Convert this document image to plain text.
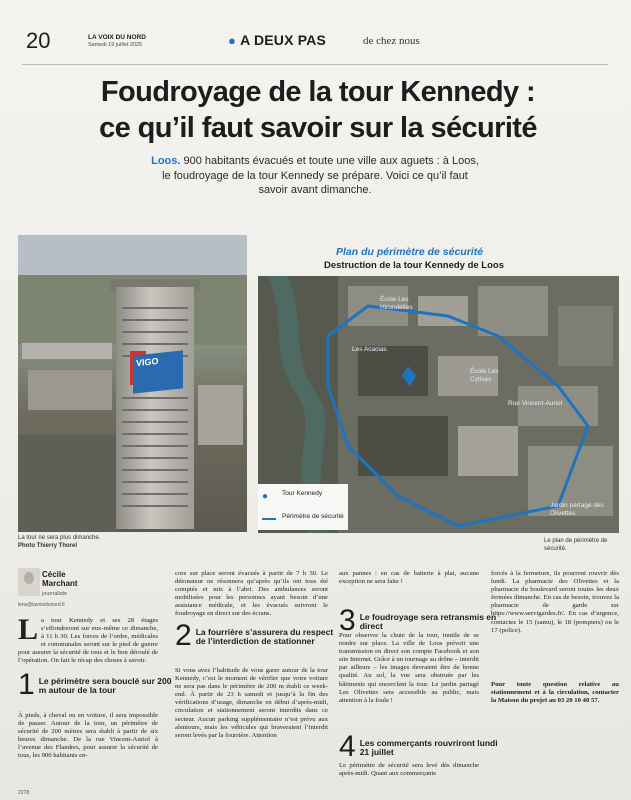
20	LA VOIX DU NORD
Samedi 19 juillet 2025	● A DEUX PAS	de chez nous
Foudroyage de la tour Kennedy :
ce qu’il faut savoir sur la sécurité
Loos. 900 habitants évacués et toute une ville aux aguets : à Loos, le foudroyage de la tour Kennedy se prépare. Voici ce qu’il faut savoir avant dimanche.
VIGO
La tour ne sera plus dimanche.
Photo Thierry Thorel
Plan du périmètre de sécurité
Destruction de la tour Kennedy de Loos
École Les Hirondelles
Les Acacias
École Les Cytises
Rue Vincent-Auriol
Jardin partagé des Olivettes
● Tour Kennedy
Périmètre de sécurité
Le plan de périmètre de sécurité.
Cécile
Marchant
journaliste
lens@lavoixdunord.fr
La tour Kennedy et ses 28 étages s’effondreront sur eux-même ce dimanche, à 11 h 30. Les forces de l’ordre, médicales et communales seront sur le pied de guerre pour assurer la sécurité de tous et le bon déroulé de l’opération. On fait le récap des choses à savoir.
1 Le périmètre sera bouclé sur 200 m autour de la tour
À pieds, à cheval ou en voiture, il sera impossible de passer. Autour de la tour, un périmètre de sécurité de 200 mètres sera établi à partir de six heures dimanche. De la rue Vincent-Auriol à l’avenue des Flandres, pour assurer la sécurité de tous, les 900 habitants en-
core sur place seront évacués à partir de 7 h 30. Le détonateur ne résonnera qu’après qu’ils ont tous été comptés et mis à l’abri. Des ambulances seront mobilisées pour les personnes ayant besoin d’une assistance médicale, et les évacués suivront le foudroyage en direct sur des écrans.
2 La fourrière s’assurera du respect de l’interdiction de stationner
Si vous avez l’habitude de vous garer autour de la tour Kennedy, c’est le moment de vérifier que votre voiture ne sera pas dans le périmètre de 200 m établi ce week-end. À partir de 23 h samedi et jusqu’à la fin des vérifications d’usage, dimanche en début d’après-midi, circulation et stationnement seront interdits dans ce secteur. Aucun parking supplémentaire n’est prévu aux alentours, mais les véhicules qui braveraient l’interdit seront levés par la fourrière. Attention
aux pannes : en cas de batterie à plat, aucune exception ne sera faite !
3 Le foudroyage sera retransmis en direct
Pour observer la chute de la tour, inutile de se rendre sur place. La ville de Loos prévoit une transmission en direct son compte Facebook et son site Internet. Grâce à un tournage au drône – interdit par ailleurs – les images devraient être de bonne qualité. Au sol, la vue sera obstruée par les bâtiments qui encerclent la tour. Le jardin partagé Les Olivettes sera accessible au public, mais attention à la foule !
4 Les commerçants rouvriront lundi 21 juillet
Le périmètre de sécurité sera levé dès dimanche après-midi. Quant aux commerçants
forcés à la fermeture, ils pourront rouvrir dès lundi. La pharmacie des Olivettes et la pharmacie du boulevard seront toutes les deux fermées dimanche. En cas de besoin, trouvez la pharmacie de garde sur https://www.servigardes.fr/. En cas d’urgence, contactez le 15 (samu), le 18 (pompiers) ou le 17 (police).
Pour toute question relative au stationnement et à la circulation, contacter la Maison du projet au 03 20 10 40 57.
2278
